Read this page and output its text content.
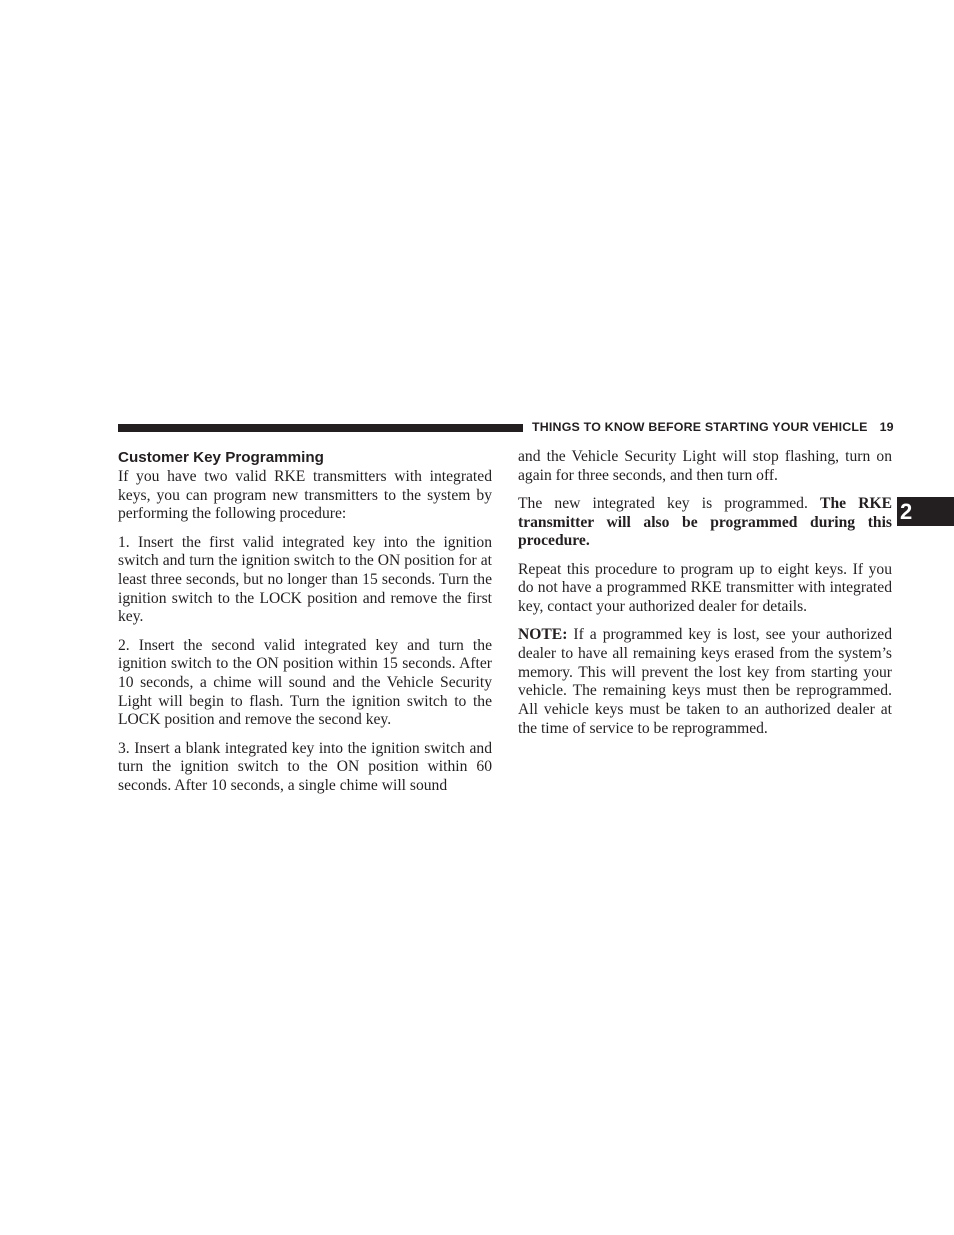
THINGS TO KNOW BEFORE STARTING YOUR VEHICLE 19
Customer Key Programming

If you have two valid RKE transmitters with integrated keys, you can program new transmitters to the system by performing the following procedure:

1. Insert the first valid integrated key into the ignition switch and turn the ignition switch to the ON position for at least three seconds, but no longer than 15 seconds. Turn the ignition switch to the LOCK position and remove the first key.

2. Insert the second valid integrated key and turn the ignition switch to the ON position within 15 seconds. After 10 seconds, a chime will sound and the Vehicle Security Light will begin to flash. Turn the ignition switch to the LOCK position and remove the second key.

3. Insert a blank integrated key into the ignition switch and turn the ignition switch to the ON position within 60 seconds. After 10 seconds, a single chime will sound

and the Vehicle Security Light will stop flashing, turn on again for three seconds, and then turn off.

The new integrated key is programmed. The RKE transmitter will also be programmed during this procedure.

Repeat this procedure to program up to eight keys. If you do not have a programmed RKE transmitter with integrated key, contact your authorized dealer for details.

NOTE: If a programmed key is lost, see your authorized dealer to have all remaining keys erased from the system’s memory. This will prevent the lost key from starting your vehicle. The remaining keys must then be reprogrammed. All vehicle keys must be taken to an authorized dealer at the time of service to be reprogrammed.

2
